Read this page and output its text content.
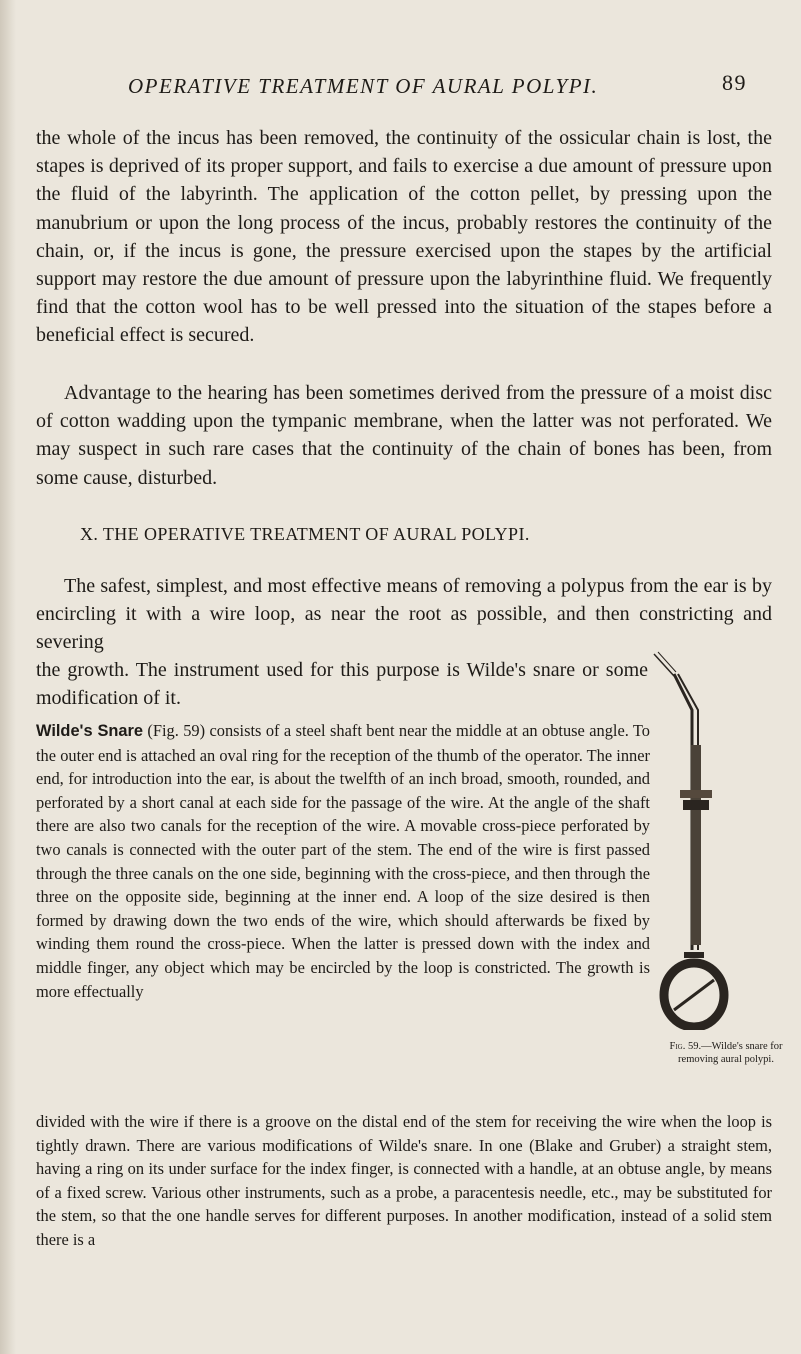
OPERATIVE TREATMENT OF AURAL POLYPI.	89

the whole of the incus has been removed, the continuity of the ossicular chain is lost, the stapes is deprived of its proper support, and fails to exercise a due amount of pressure upon the fluid of the labyrinth. The application of the cotton pellet, by pressing upon the manubrium or upon the long process of the incus, probably restores the continuity of the chain, or, if the incus is gone, the pressure exercised upon the stapes by the artificial support may restore the due amount of pressure upon the labyrinthine fluid. We frequently find that the cotton wool has to be well pressed into the situation of the stapes before a beneficial effect is secured.

Advantage to the hearing has been sometimes derived from the pressure of a moist disc of cotton wadding upon the tympanic membrane, when the latter was not perforated. We may suspect in such rare cases that the continuity of the chain of bones has been, from some cause, disturbed.

X. THE OPERATIVE TREATMENT OF AURAL POLYPI.

The safest, simplest, and most effective means of removing a polypus from the ear is by encircling it with a wire loop, as near the root as possible, and then constricting and severing

the growth. The instrument used for this purpose is Wilde's snare or some modification of it.

Wilde's Snare (Fig. 59) consists of a steel shaft bent near the middle at an obtuse angle. To the outer end is attached an oval ring for the reception of the thumb of the operator. The inner end, for introduction into the ear, is about the twelfth of an inch broad, smooth, rounded, and perforated by a short canal at each side for the passage of the wire. At the angle of the shaft there are also two canals for the reception of the wire. A movable cross-piece perforated by two canals is connected with the outer part of the stem. The end of the wire is first passed through the three canals on the one side, beginning with the cross-piece, and then through the three on the opposite side, beginning at the inner end. A loop of the size desired is then formed by drawing down the two ends of the wire, which should afterwards be fixed by winding them round the cross-piece. When the latter is pressed down with the index and middle finger, any object which may be encircled by the loop is constricted. The growth is more effectually

divided with the wire if there is a groove on the distal end of the stem for receiving the wire when the loop is tightly drawn. There are various modifications of Wilde's snare. In one (Blake and Gruber) a straight stem, having a ring on its under surface for the index finger, is connected with a handle, at an obtuse angle, by means of a fixed screw. Various other instruments, such as a probe, a paracentesis needle, etc., may be substituted for the stem, so that the one handle serves for different purposes. In another modification, instead of a solid stem there is a

Fig. 59.—Wilde's snare for removing aural polypi.
